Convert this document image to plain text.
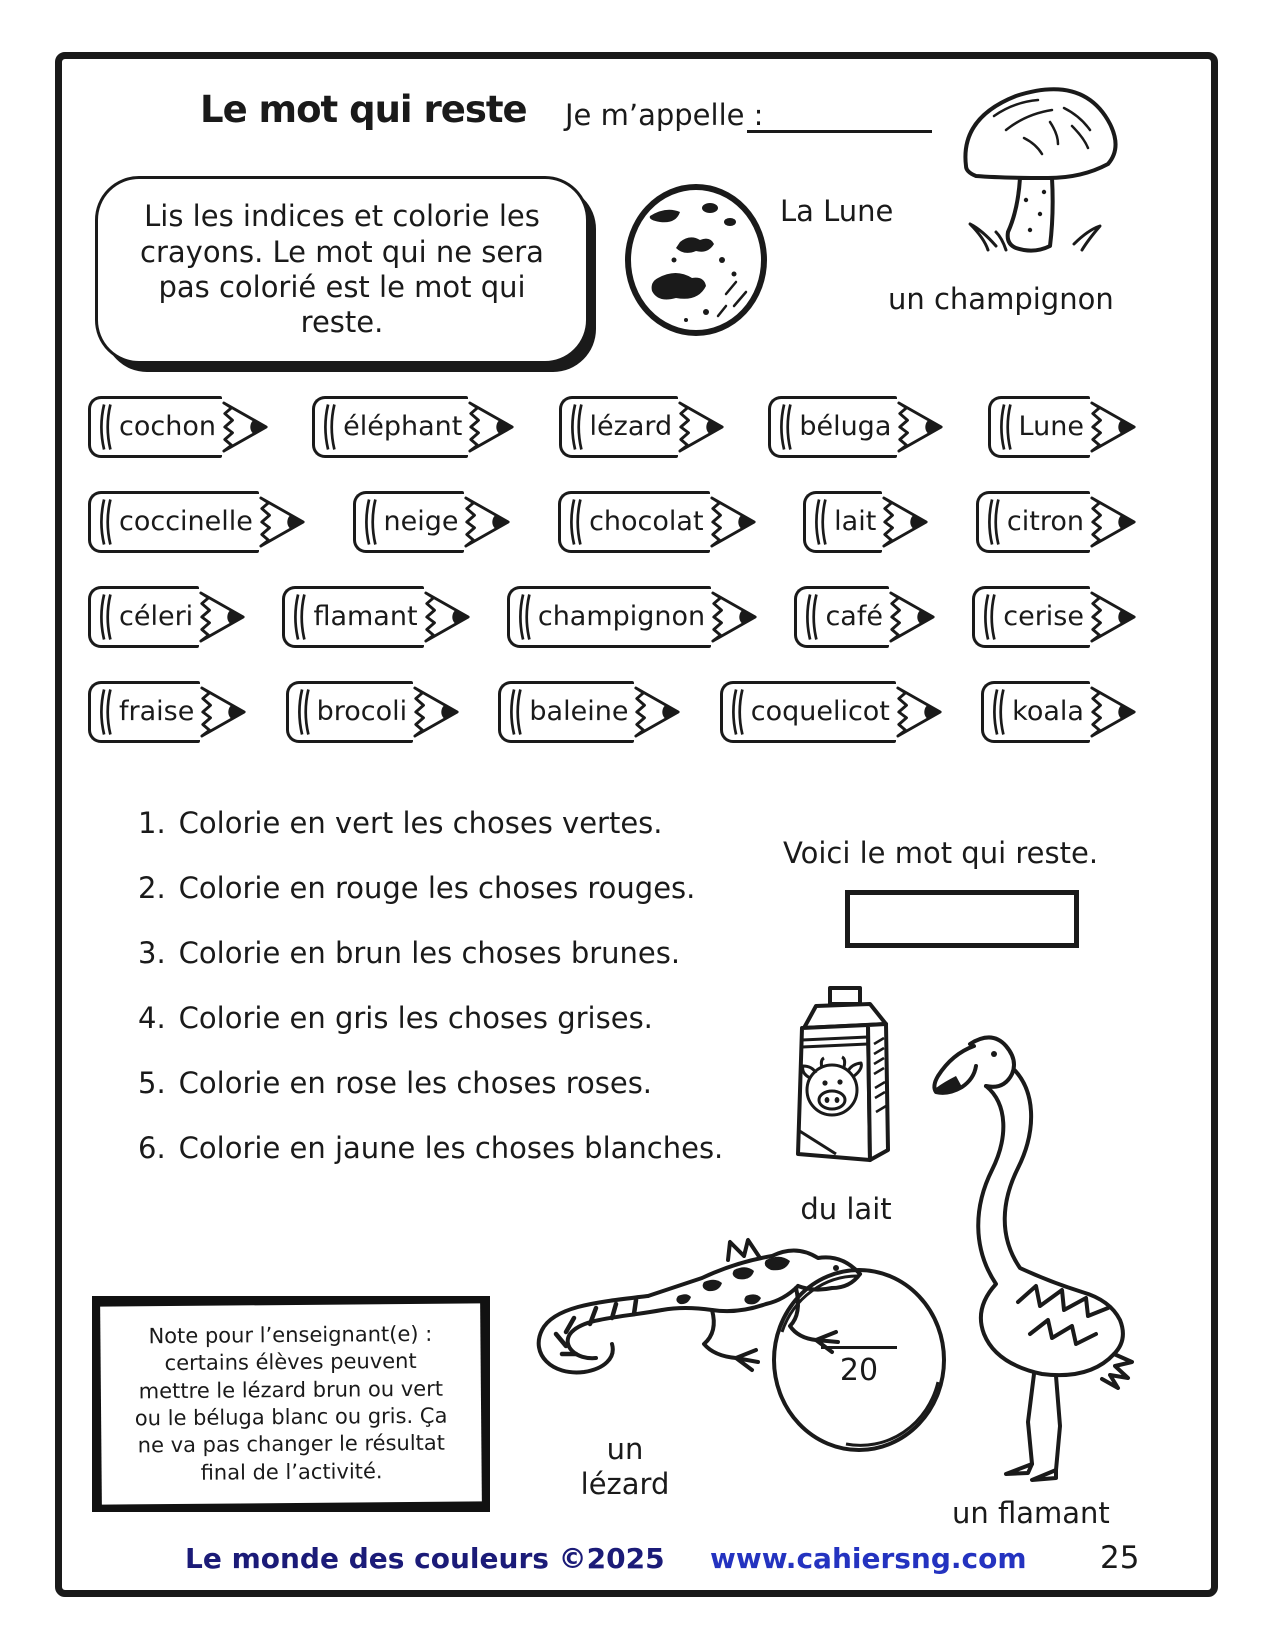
Le mot qui reste Je m’appelle :
Lis les indices et colorie les crayons. Le mot qui ne sera pas colorié est le mot qui reste.
La Lune
un champignon
cochon	éléphant	lézard	béluga	Lune
coccinelle	neige	chocolat	lait	citron
céleri	flamant	champignon	café	cerise
fraise	brocoli	baleine	coquelicot	koala
1. Colorie en vert les choses vertes.
2. Colorie en rouge les choses rouges.
3. Colorie en brun les choses brunes.
4. Colorie en gris les choses grises.
5. Colorie en rose les choses roses.
6. Colorie en jaune les choses blanches.
Voici le mot qui reste.
du lait
un flamant
un
lézard
20
Note pour l’enseignant(e) :
certains élèves peuvent
mettre le lézard brun ou vert
ou le béluga blanc ou gris. Ça
ne va pas changer le résultat
final de l’activité.
Le monde des couleurs ©2025 www.cahiersng.com 25
